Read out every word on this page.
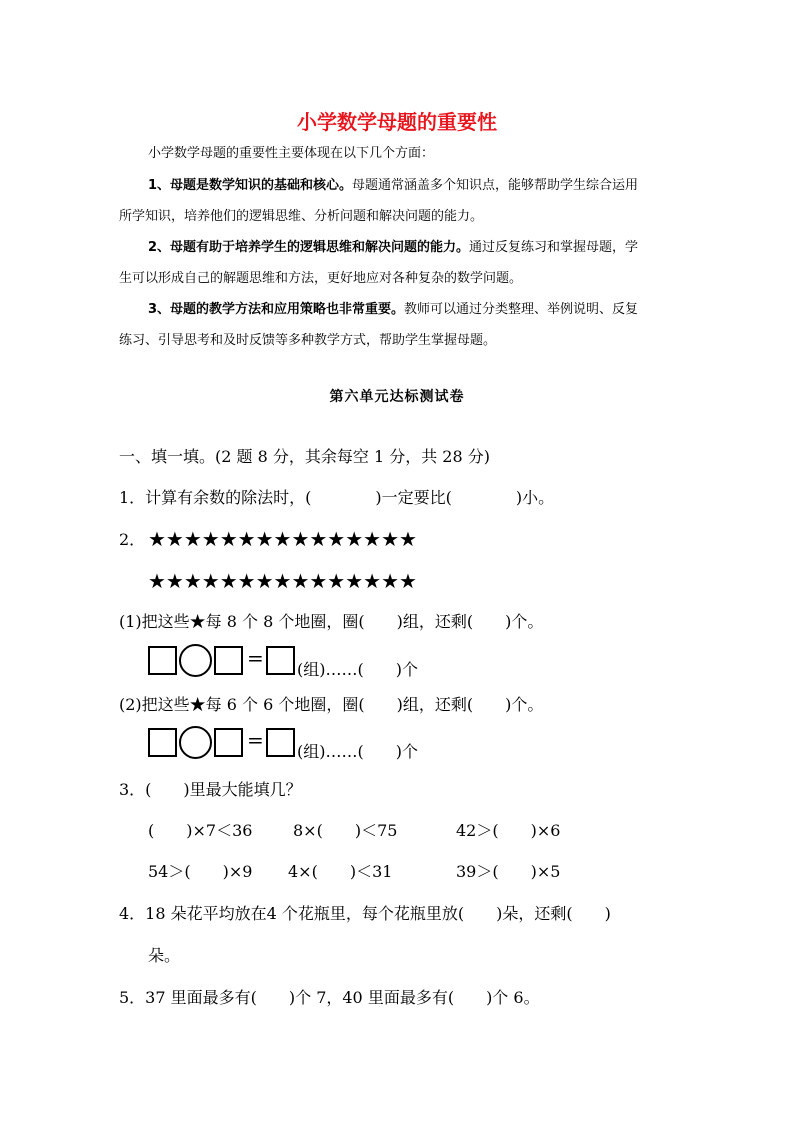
小学数学母题的重要性
小学数学母题的重要性主要体现在以下几个方面：
1、母题是数学知识的基础和核心。母题通常涵盖多个知识点，能够帮助学生综合运用
所学知识，培养他们的逻辑思维、分析问题和解决问题的能力。
2、母题有助于培养学生的逻辑思维和解决问题的能力。通过反复练习和掌握母题，学
生可以形成自己的解题思维和方法，更好地应对各种复杂的数学问题。
3、母题的教学方法和应用策略也非常重要。教师可以通过分类整理、举例说明、反复
练习、引导思考和及时反馈等多种教学方式，帮助学生掌握母题。
第六单元达标测试卷
一、填一填。(2 题 8 分，其余每空 1 分，共 28 分)
1．计算有余数的除法时，(　　　　)一定要比(　　　　)小。
2． ★★★★★★★★★★★★★★★
★★★★★★★★★★★★★★★
(1)把这些★每 8 个 8 个地圈，圈(　　)组，还剩(　　)个。
= (组)……(　　)个
(2)把这些★每 6 个 6 个地圈，圈(　　)组，还剩(　　)个。
= (组)……(　　)个
3．(　　)里最大能填几？
(　　)×7＜36	8×(　　)＜75	42＞(　　)×6
54＞(　　)×9 4×(　　)＜31	39＞(　　)×5
4．18 朵花平均放在4 个花瓶里，每个花瓶里放(　　)朵，还剩(　　)
朵。
5．37 里面最多有(　　)个 7，40 里面最多有(　　)个 6。
